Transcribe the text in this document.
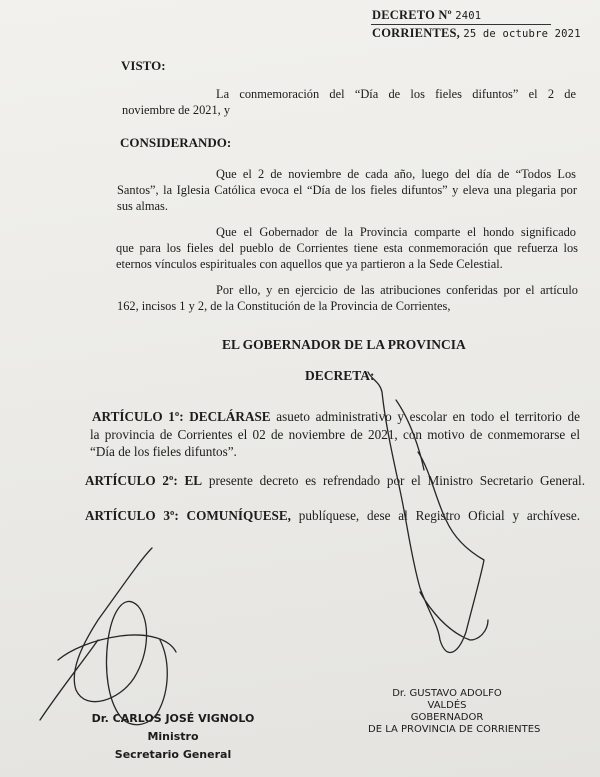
DECRETO Nº 2401
CORRIENTES, 25 de octubre 2021
VISTO:
La conmemoración del “Día de los fieles difuntos” el 2 de
noviembre de 2021, y
CONSIDERANDO:
Que el 2 de noviembre de cada año, luego del día de “Todos Los
Santos”, la Iglesia Católica evoca el “Día de los fieles difuntos” y eleva una plegaria por
sus almas.
Que el Gobernador de la Provincia comparte el hondo significado
que para los fieles del pueblo de Corrientes tiene esta conmemoración que refuerza los
eternos vínculos espirituales con aquellos que ya partieron a la Sede Celestial.
Por ello, y en ejercicio de las atribuciones conferidas por el artículo
162, incisos 1 y 2, de la Constitución de la Provincia de Corrientes,
EL GOBERNADOR DE LA PROVINCIA
DECRETA:
ARTÍCULO 1º: DECLÁRASE asueto administrativo y escolar en todo el territorio de
la provincia de Corrientes el 02 de noviembre de 2021, con motivo de conmemorarse el
“Día de los fieles difuntos”.
ARTÍCULO 2º: EL presente decreto es refrendado por el Ministro Secretario General.
ARTÍCULO 3º: COMUNÍQUESE, publíquese, dese al Registro Oficial y archívese.
Dr. GUSTAVO ADOLFO VALDÉS
GOBERNADOR
DE LA PROVINCIA DE CORRIENTES
Dr. CARLOS JOSÉ VIGNOLO
Ministro
Secretario General
